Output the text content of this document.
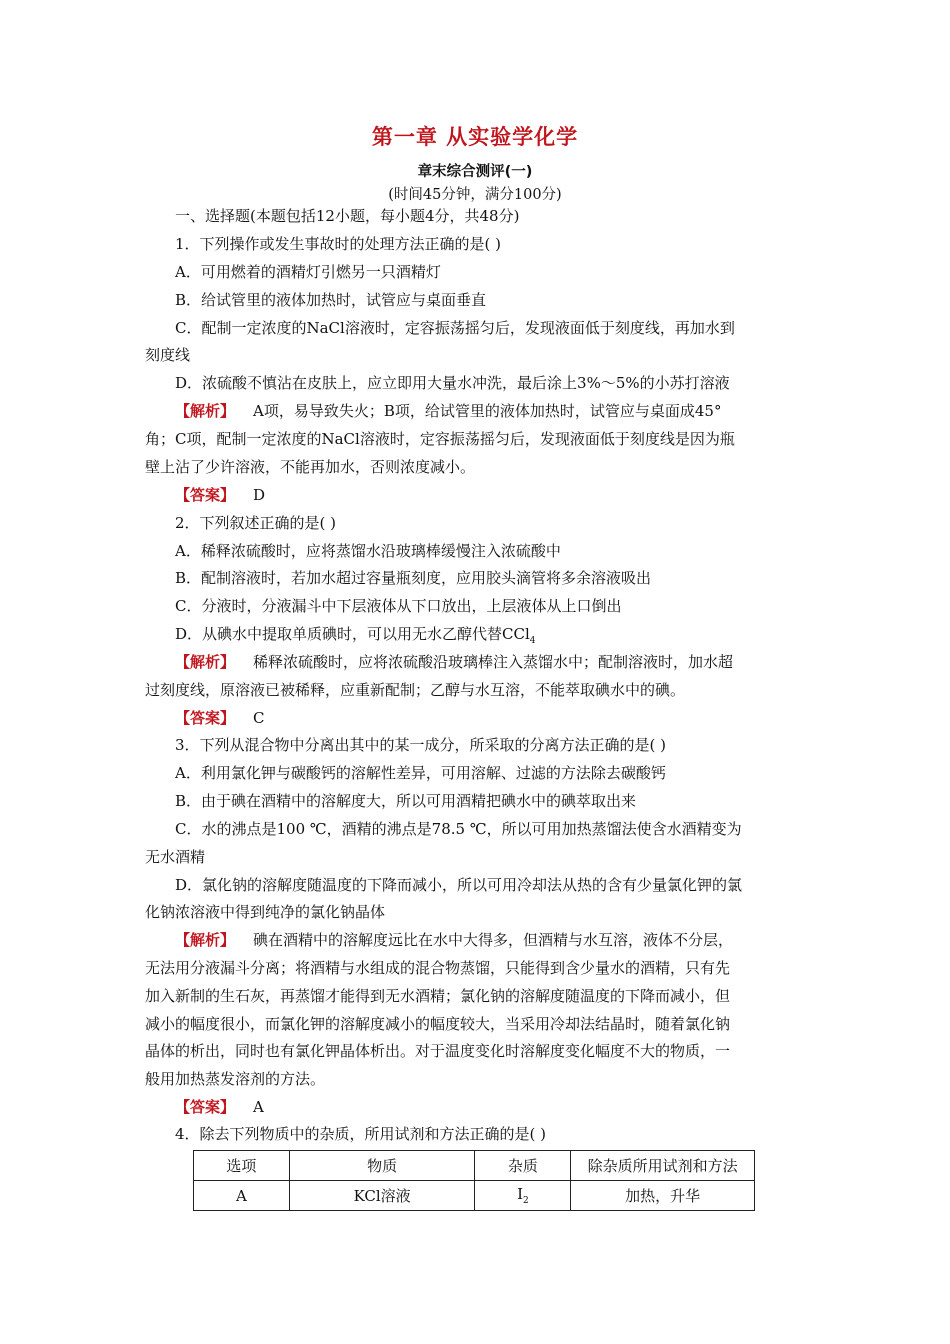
第一章 从实验学化学
章末综合测评(一)
(时间45分钟，满分100分)
一、选择题(本题包括12小题，每小题4分，共48分)
1．下列操作或发生事故时的处理方法正确的是( )
A．可用燃着的酒精灯引燃另一只酒精灯
B．给试管里的液体加热时，试管应与桌面垂直
C．配制一定浓度的NaCl溶液时，定容振荡摇匀后，发现液面低于刻度线，再加水到
刻度线
D．浓硫酸不慎沾在皮肤上，应立即用大量水冲洗，最后涂上3%～5%的小苏打溶液
【解析】 A项，易导致失火；B项，给试管里的液体加热时，试管应与桌面成45°
角；C项，配制一定浓度的NaCl溶液时，定容振荡摇匀后，发现液面低于刻度线是因为瓶
壁上沾了少许溶液，不能再加水，否则浓度减小。
【答案】 D
2．下列叙述正确的是( )
A．稀释浓硫酸时，应将蒸馏水沿玻璃棒缓慢注入浓硫酸中
B．配制溶液时，若加水超过容量瓶刻度，应用胶头滴管将多余溶液吸出
C．分液时，分液漏斗中下层液体从下口放出，上层液体从上口倒出
D．从碘水中提取单质碘时，可以用无水乙醇代替CCl$_4$
【解析】 稀释浓硫酸时，应将浓硫酸沿玻璃棒注入蒸馏水中；配制溶液时，加水超
过刻度线，原溶液已被稀释，应重新配制；乙醇与水互溶，不能萃取碘水中的碘。
【答案】 C
3．下列从混合物中分离出其中的某一成分，所采取的分离方法正确的是( )
A．利用氯化钾与碳酸钙的溶解性差异，可用溶解、过滤的方法除去碳酸钙
B．由于碘在酒精中的溶解度大，所以可用酒精把碘水中的碘萃取出来
C．水的沸点是100 ℃，酒精的沸点是78.5 ℃，所以可用加热蒸馏法使含水酒精变为
无水酒精
D．氯化钠的溶解度随温度的下降而减小，所以可用冷却法从热的含有少量氯化钾的氯
化钠浓溶液中得到纯净的氯化钠晶体
【解析】 碘在酒精中的溶解度远比在水中大得多，但酒精与水互溶，液体不分层，
无法用分液漏斗分离；将酒精与水组成的混合物蒸馏，只能得到含少量水的酒精，只有先
加入新制的生石灰，再蒸馏才能得到无水酒精；氯化钠的溶解度随温度的下降而减小，但
减小的幅度很小，而氯化钾的溶解度减小的幅度较大，当采用冷却法结晶时，随着氯化钠
晶体的析出，同时也有氯化钾晶体析出。对于温度变化时溶解度变化幅度不大的物质，一
般用加热蒸发溶剂的方法。
【答案】 A
4．除去下列物质中的杂质，所用试剂和方法正确的是( )
选项	物质	杂质	除杂质所用试剂和方法
A	KCl溶液	$I_2$	加热，升华
